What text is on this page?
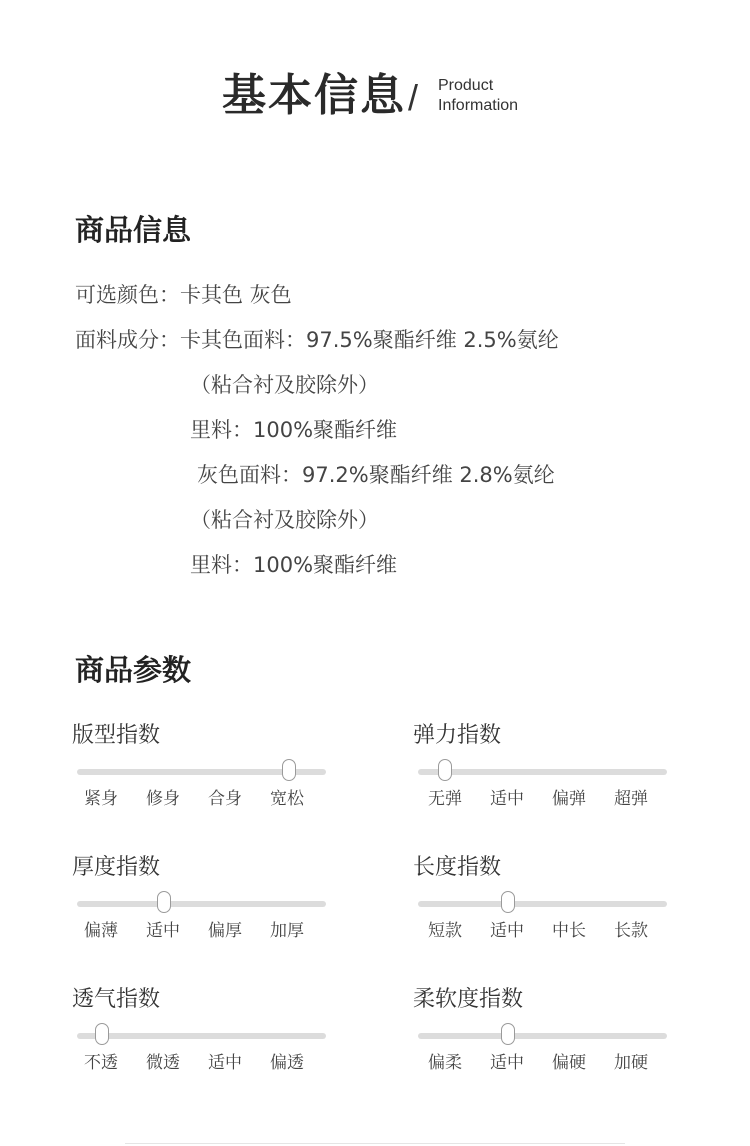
基本信息 / Product
Information
商品信息
可选颜色：卡其色 灰色
面料成分：卡其色面料：97.5%聚酯纤维 2.5%氨纶
（粘合衬及胶除外）
里料：100%聚酯纤维
灰色面料：97.2%聚酯纤维 2.8%氨纶
（粘合衬及胶除外）
里料：100%聚酯纤维
商品参数
版型指数
紧身	修身	合身	宽松
弹力指数
无弹	适中	偏弹	超弹
厚度指数
偏薄	适中	偏厚	加厚
长度指数
短款	适中	中长	长款
透气指数
不透	微透	适中	偏透
柔软度指数
偏柔	适中	偏硬	加硬
